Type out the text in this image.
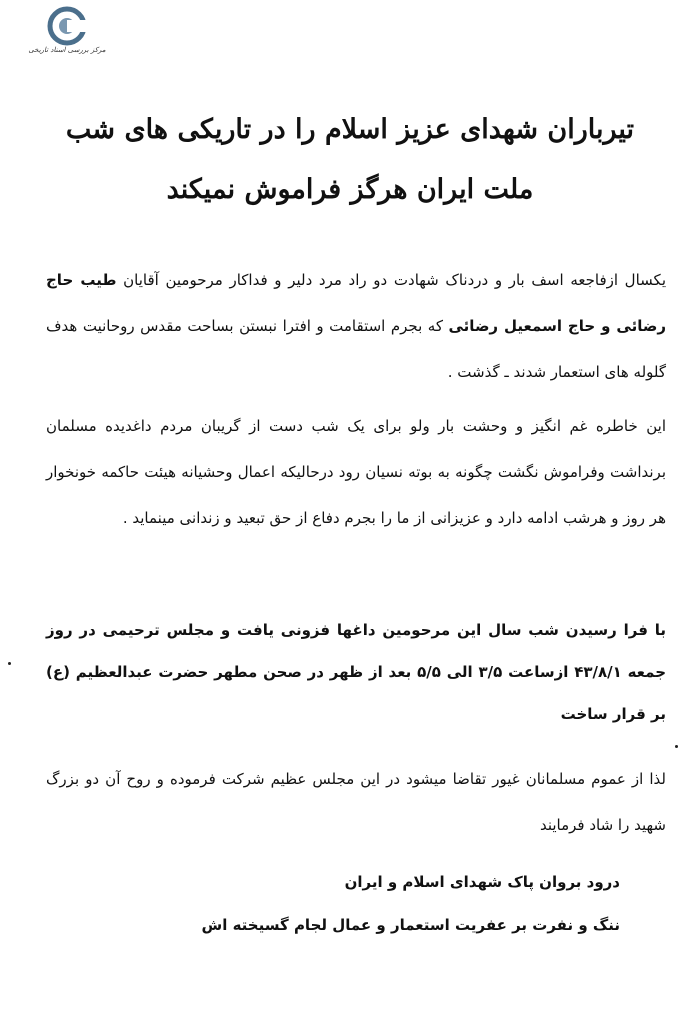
مرکز بررسی اسناد تاریخی
تیرباران شهدای عزیز اسلام را در تاریکی های شب ملت ایران هرگز فراموش نمیکند
یکسال ازفاجعه اسف بار و دردناک شهادت دو راد مرد دلیر و فداکار مرحومین آقایان طیب حاج رضائی و حاج اسمعیل رضائی که بجرم استقامت و افترا نبستن بساحت مقدس روحانیت هدف گلوله های استعمار شدند ـ گذشت .
این خاطره غم انگیز و وحشت بار ولو برای یک شب دست از گریبان مردم داغدیده مسلمان برنداشت وفراموش نگشت چگونه به بوته نسیان رود درحالیکه اعمال وحشیانه هیئت حاکمه خونخوار هر روز و هرشب ادامه دارد و عزیزانی از ما را بجرم دفاع از حق تبعید و زندانی مینماید .
با فرا رسیدن شب سال این مرحومین داغها فزونی یافت و مجلس ترحیمی در روز جمعه ۴۳/۸/۱ ازساعت ۳/۵ الی ۵/۵ بعد از ظهر در صحن مطهر حضرت عبدالعظیم (ع) بر قرار ساخت
لذا از عموم مسلمانان غیور تقاضا میشود در این مجلس عظیم شرکت فرموده و روح آن دو بزرگ شهید را شاد فرمایند
درود بروان پاک شهدای اسلام و ایران
ننگ و نفرت بر عفریت استعمار و عمال لجام گسیخته اش
